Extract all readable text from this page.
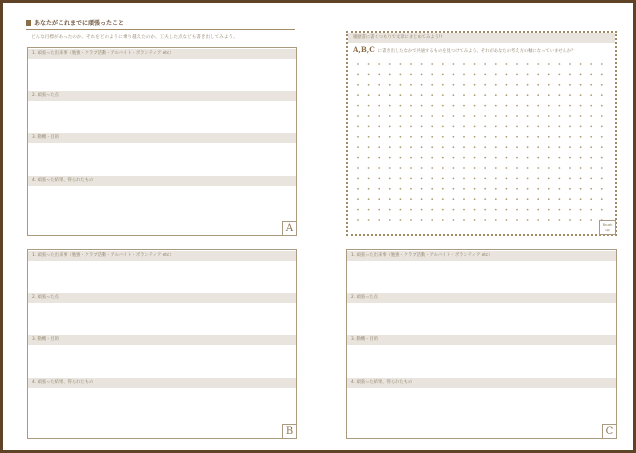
あなたがこれまでに頑張ったこと
どんな目標があったのか、それをどのように乗り越えたのか、工夫した点なども書き出してみよう。
1. 頑張った出来事（勉強・クラブ活動・アルバイト・ボランティア etc）
2. 頑張った点
3. 動機・目的
4. 頑張った結果、得られたもの
A
履歴書に書くつもりで文章にまとめてみよう!!
A,B,C に書き出したなかで共通するものを見つけてみよう。それがあなたの考え方の軸になっていませんか？
Brush
up
1. 頑張った出来事（勉強・クラブ活動・アルバイト・ボランティア etc）
2. 頑張った点
3. 動機・目的
4. 頑張った結果、得られたもの
B
1. 頑張った出来事（勉強・クラブ活動・アルバイト・ボランティア etc）
2. 頑張った点
3. 動機・目的
4. 頑張った結果、得られたもの
C
